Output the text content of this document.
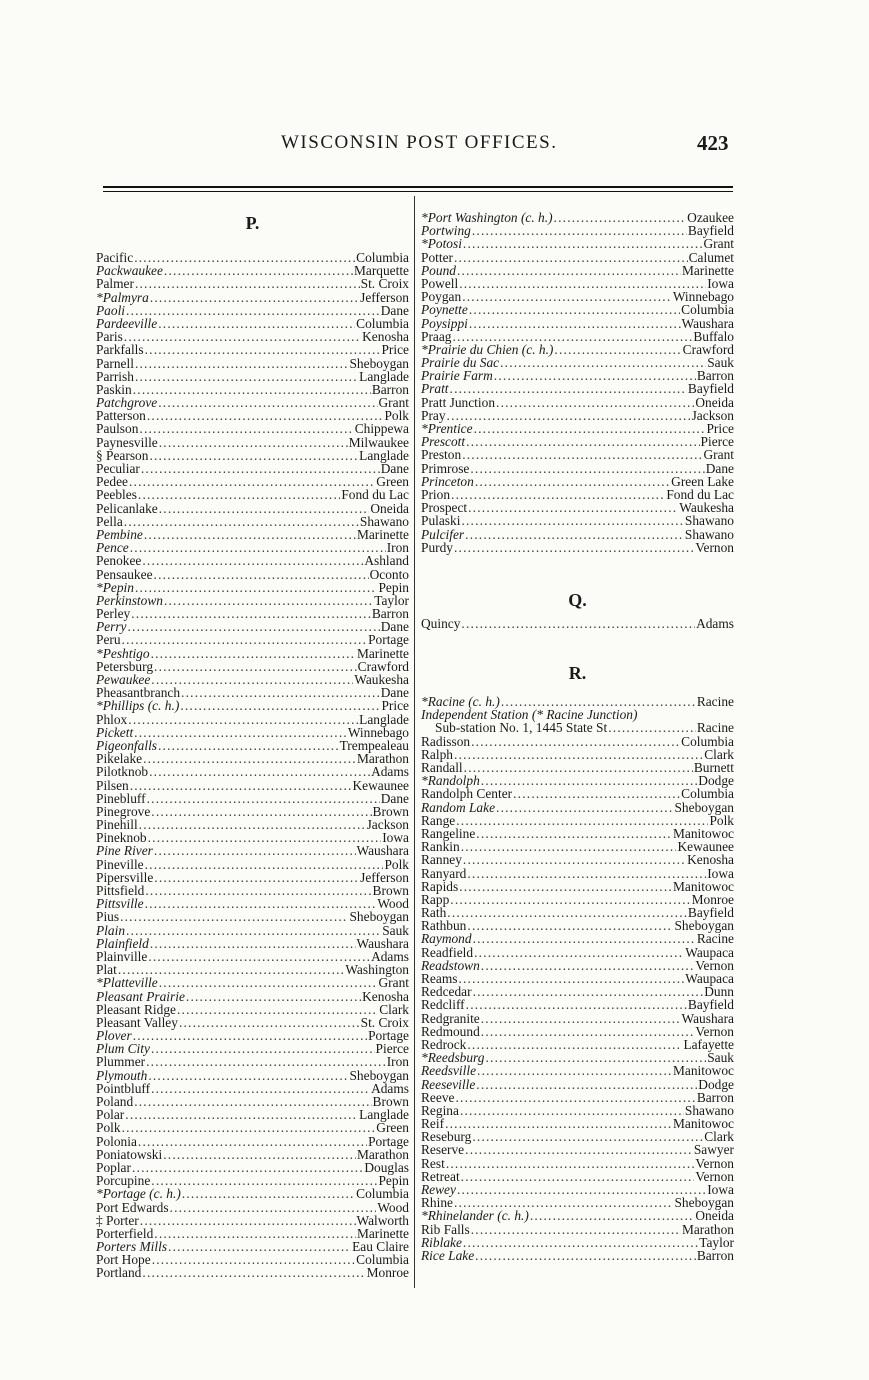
WISCONSIN POST OFFICES.	423
P.
Pacific .....	Columbia
Packwaukee .....	Marquette
Palmer .....	St. Croix
*Palmyra .....	Jefferson
Paoli .....	Dane
Pardeeville .....	Columbia
Paris .....	Kenosha
Parkfalls .....	Price
Parnell .....	Sheboygan
Parrish .....	Langlade
Paskin .....	Barron
Patchgrove .....	Grant
Patterson .....	Polk
Paulson .....	Chippewa
Paynesville .....	Milwaukee
§ Pearson .....	Langlade
Peculiar .....	Dane
Pedee .....	Green
Peebles .....	Fond du Lac
Pelicanlake .....	Oneida
Pella .....	Shawano
Pembine .....	Marinette
Pence .....	Iron
Penokee .....	Ashland
Pensaukee .....	Oconto
*Pepin .....	Pepin
Perkinstown .....	Taylor
Perley .....	Barron
Perry .....	Dane
Peru .....	Portage
*Peshtigo .....	Marinette
Petersburg .....	Crawford
Pewaukee .....	Waukesha
Pheasantbranch .....	Dane
*Phillips (c. h.) .....	Price
Phlox .....	Langlade
Pickett .....	Winnebago
Pigeonfalls .....	Trempealeau
Pikelake .....	Marathon
Pilotknob .....	Adams
Pilsen .....	Kewaunee
Pinebluff .....	Dane
Pinegrove .....	Brown
Pinehill .....	Jackson
Pineknob .....	Iowa
Pine River .....	Waushara
Pineville .....	Polk
Pipersville .....	Jefferson
Pittsfield .....	Brown
Pittsville .....	Wood
Pius .....	Sheboygan
Plain .....	Sauk
Plainfield .....	Waushara
Plainville .....	Adams
Plat .....	Washington
*Platteville .....	Grant
Pleasant Prairie .....	Kenosha
Pleasant Ridge .....	Clark
Pleasant Valley .....	St. Croix
Plover .....	Portage
Plum City .....	Pierce
Plummer .....	Iron
Plymouth .....	Sheboygan
Pointbluff .....	Adams
Poland .....	Brown
Polar .....	Langlade
Polk .....	Green
Polonia .....	Portage
Poniatowski .....	Marathon
Poplar .....	Douglas
Porcupine .....	Pepin
*Portage (c. h.) .....	Columbia
Port Edwards .....	Wood
‡ Porter .....	Walworth
Porterfield .....	Marinette
Porters Mills .....	Eau Claire
Port Hope .....	Columbia
Portland .....	Monroe
*Port Washington (c. h.) .....	Ozaukee
Portwing .....	Bayfield
*Potosi .....	Grant
Potter .....	Calumet
Pound .....	Marinette
Powell .....	Iowa
Poygan .....	Winnebago
Poynette .....	Columbia
Poysippi .....	Waushara
Praag .....	Buffalo
*Prairie du Chien (c. h.) .....	Crawford
Prairie du Sac .....	Sauk
Prairie Farm .....	Barron
Pratt .....	Bayfield
Pratt Junction .....	Oneida
Pray .....	Jackson
*Prentice .....	Price
Prescott .....	Pierce
Preston .....	Grant
Primrose .....	Dane
Princeton .....	Green Lake
Prion .....	Fond du Lac
Prospect .....	Waukesha
Pulaski .....	Shawano
Pulcifer .....	Shawano
Purdy .....	Vernon
Q.
Quincy .....	Adams
R.
*Racine (c. h.) .....	Racine
Independent Station (* Racine Junction)
Sub-station No. 1, 1445 State St .....	Racine
Radisson .....	Columbia
Ralph .....	Clark
Randall .....	Burnett
*Randolph .....	Dodge
Randolph Center .....	Columbia
Random Lake .....	Sheboygan
Range .....	Polk
Rangeline .....	Manitowoc
Rankin .....	Kewaunee
Ranney .....	Kenosha
Ranyard .....	Iowa
Rapids .....	Manitowoc
Rapp .....	Monroe
Rath .....	Bayfield
Rathbun .....	Sheboygan
Raymond .....	Racine
Readfield .....	Waupaca
Readstown .....	Vernon
Reams .....	Waupaca
Redcedar .....	Dunn
Redcliff .....	Bayfield
Redgranite .....	Waushara
Redmound .....	Vernon
Redrock .....	Lafayette
*Reedsburg .....	Sauk
Reedsville .....	Manitowoc
Reeseville .....	Dodge
Reeve .....	Barron
Regina .....	Shawano
Reif .....	Manitowoc
Reseburg .....	Clark
Reserve .....	Sawyer
Rest .....	Vernon
Retreat .....	Vernon
Rewey .....	Iowa
Rhine .....	Sheboygan
*Rhinelander (c. h.) .....	Oneida
Rib Falls .....	Marathon
Riblake .....	Taylor
Rice Lake .....	Barron
